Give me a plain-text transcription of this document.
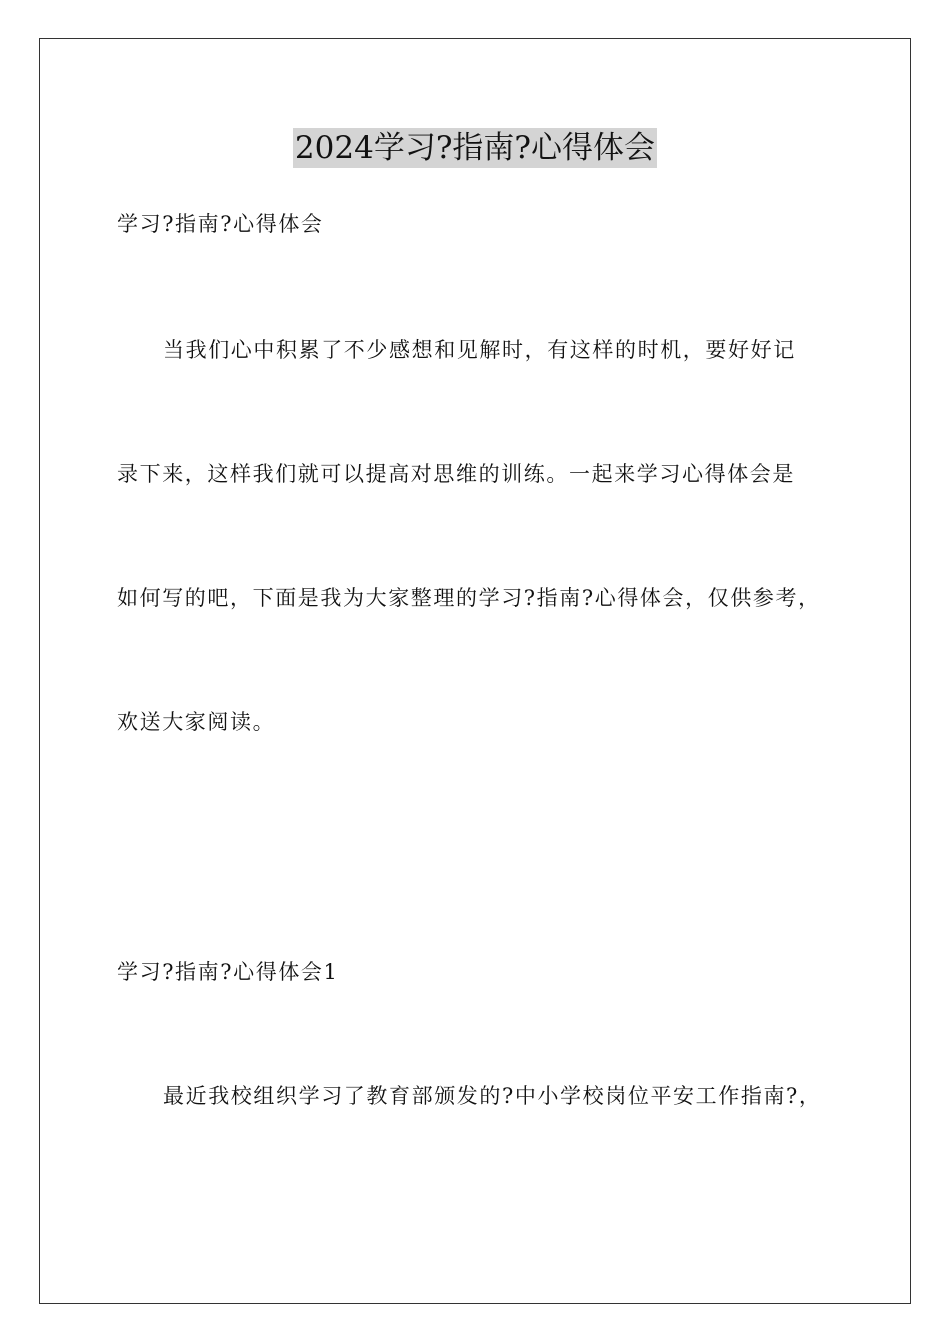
2024学习?指南?心得体会
学习?指南?心得体会
当我们心中积累了不少感想和见解时，有这样的时机，要好好记
录下来，这样我们就可以提高对思维的训练。一起来学习心得体会是
如何写的吧，下面是我为大家整理的学习?指南?心得体会，仅供参考，
欢送大家阅读。
学习?指南?心得体会1
最近我校组织学习了教育部颁发的?中小学校岗位平安工作指南?，
